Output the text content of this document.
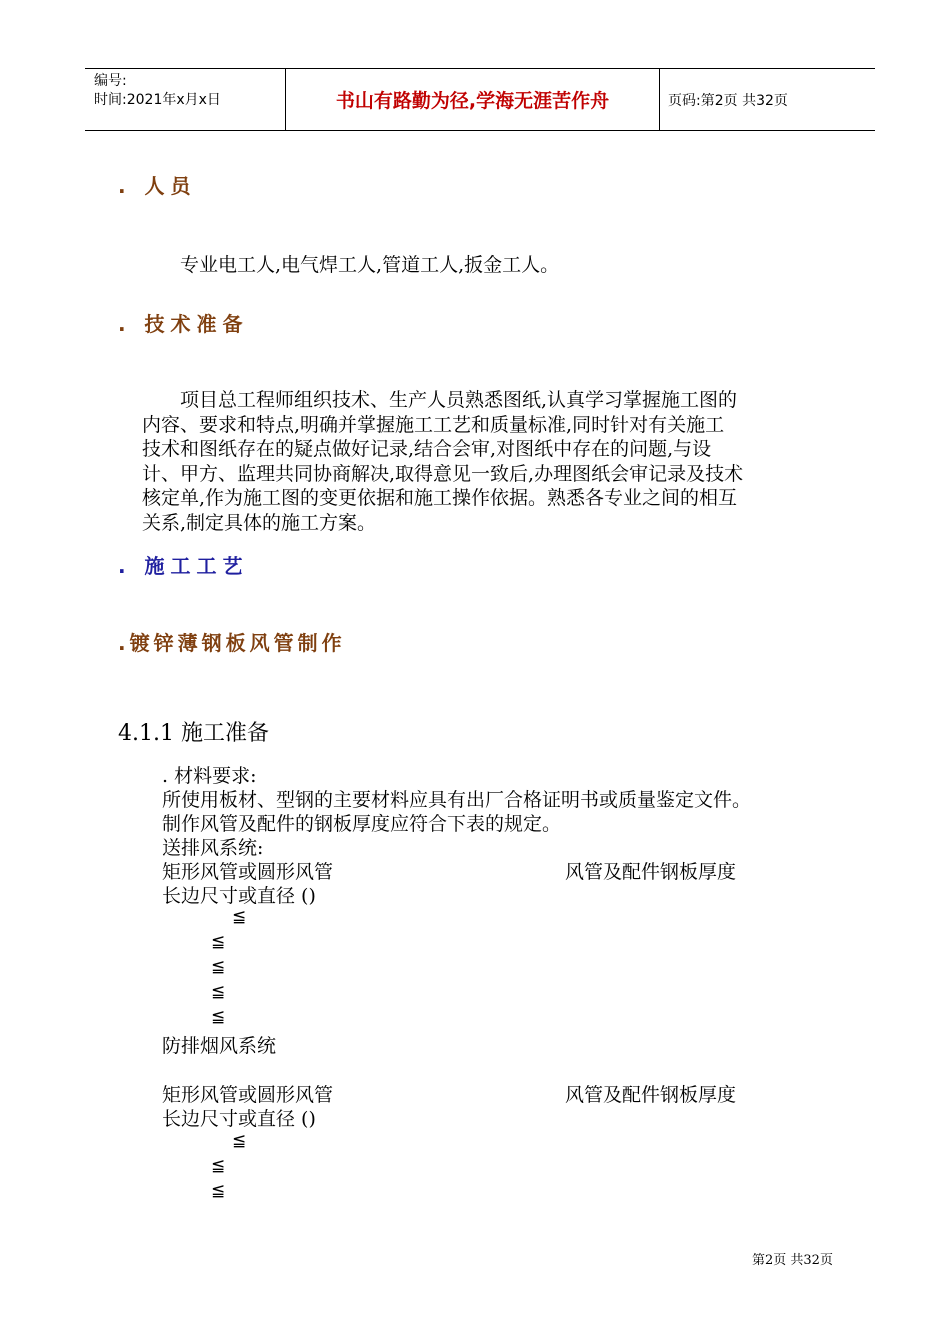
编号:
时间:2021年x月x日	书山有路勤为径,学海无涯苦作舟	页码:第2页 共32页
. 人员
专业电工人,电气焊工人,管道工人,扳金工人。
. 技术准备
项目总工程师组织技术、生产人员熟悉图纸,认真学习掌握施工图的
内容、要求和特点,明确并掌握施工工艺和质量标准,同时针对有关施工
技术和图纸存在的疑点做好记录,结合会审,对图纸中存在的问题,与设
计、甲方、监理共同协商解决,取得意见一致后,办理图纸会审记录及技术
核定单,作为施工图的变更依据和施工操作依据。熟悉各专业之间的相互
关系,制定具体的施工方案。
. 施工工艺
.镀锌薄钢板风管制作
4.1.1 施工准备
. 材料要求:
所使用板材、型钢的主要材料应具有出厂合格证明书或质量鉴定文件。
制作风管及配件的钢板厚度应符合下表的规定。
送排风系统:
矩形风管或圆形风管	风管及配件钢板厚度
长边尺寸或直径 ()
≦
≦
≦
≦
≦
防排烟风系统
矩形风管或圆形风管	风管及配件钢板厚度
长边尺寸或直径 ()
≦
≦
≦
第2页 共32页
